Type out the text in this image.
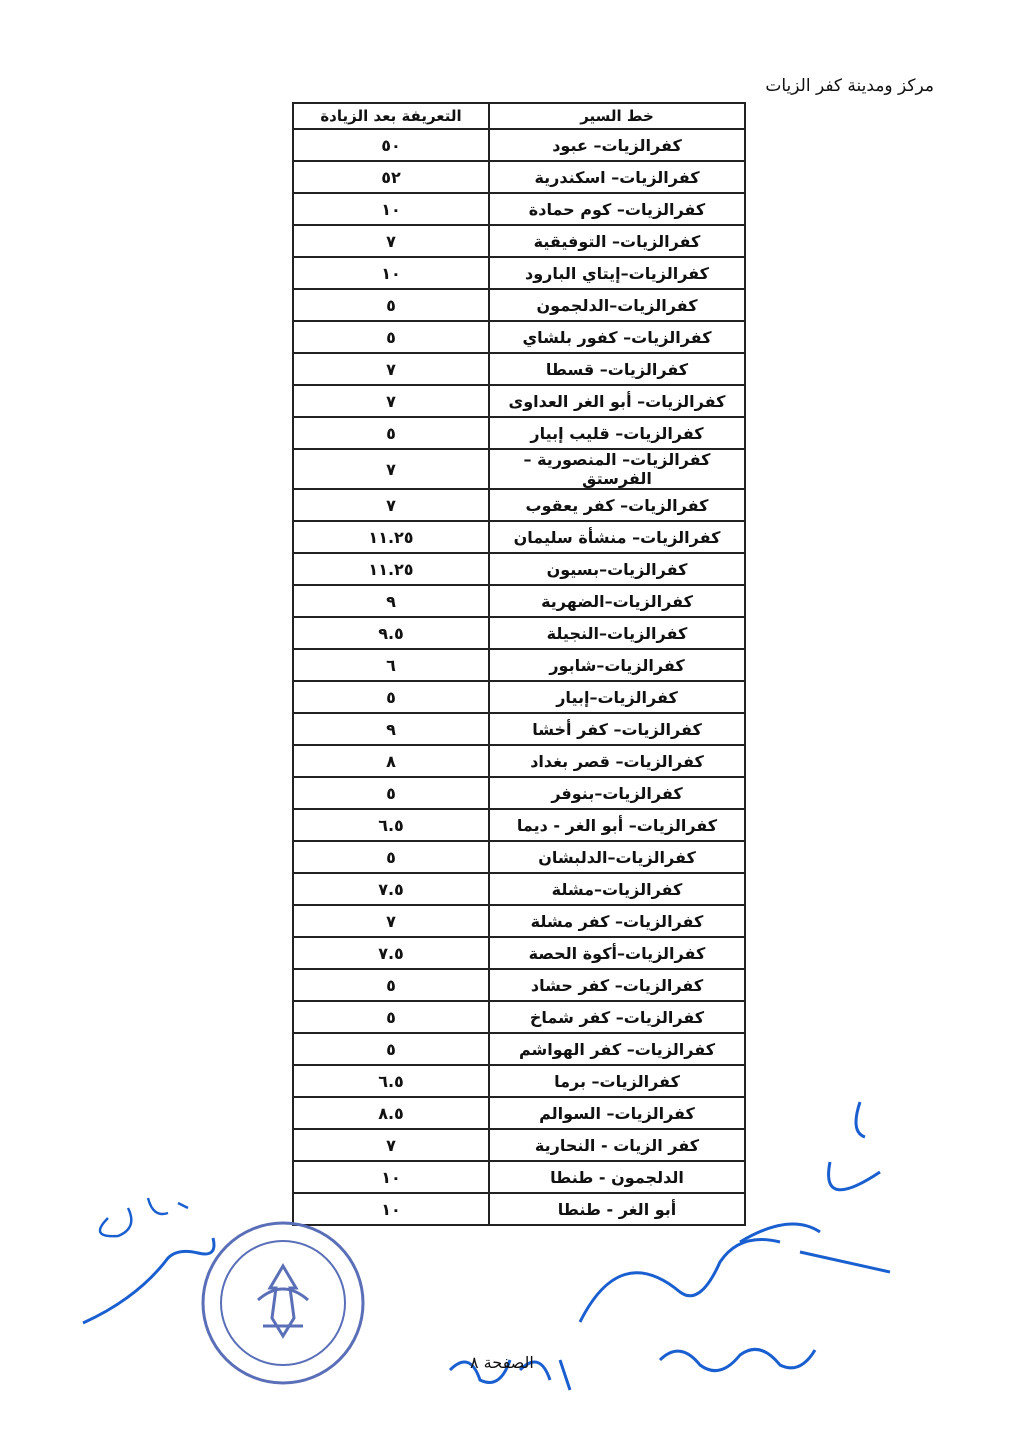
مركز ومدينة كفر الزيات
خط السير	التعريفة بعد الزيادة
كفرالزيات– عبود	٥٠
كفرالزيات– اسكندرية	٥٢
كفرالزيات– كوم حمادة	١٠
كفرالزيات– التوفيقية	٧
كفرالزيات–إيتاي البارود	١٠
كفرالزيات–الدلجمون	٥
كفرالزيات– كفور بلشاي	٥
كفرالزيات– قسطا	٧
كفرالزيات– أبو الغر العداوى	٧
كفرالزيات– قليب إبيار	٥
كفرالزيات– المنصورية –الفرستق	٧
كفرالزيات– كفر يعقوب	٧
كفرالزيات– منشأة سليمان	١١.٢٥
كفرالزيات–بسيون	١١.٢٥
كفرالزيات–الضهرية	٩
كفرالزيات–النجيلة	٩.٥
كفرالزيات–شابور	٦
كفرالزيات–إبيار	٥
كفرالزيات– كفر أخشا	٩
كفرالزيات– قصر بغداد	٨
كفرالزيات–بنوفر	٥
كفرالزيات– أبو الغر - ديما	٦.٥
كفرالزيات–الدلبشان	٥
كفرالزيات–مشلة	٧.٥
كفرالزيات– كفر مشلة	٧
كفرالزيات–أكوة الحصة	٧.٥
كفرالزيات– كفر حشاد	٥
كفرالزيات– كفر شماخ	٥
كفرالزيات– كفر الهواشم	٥
كفرالزيات– برما	٦.٥
كفرالزيات– السوالم	٨.٥
كفر الزيات - النحارية	٧
الدلجمون - طنطا	١٠
أبو الغر - طنطا	١٠
الصفحة ٨
